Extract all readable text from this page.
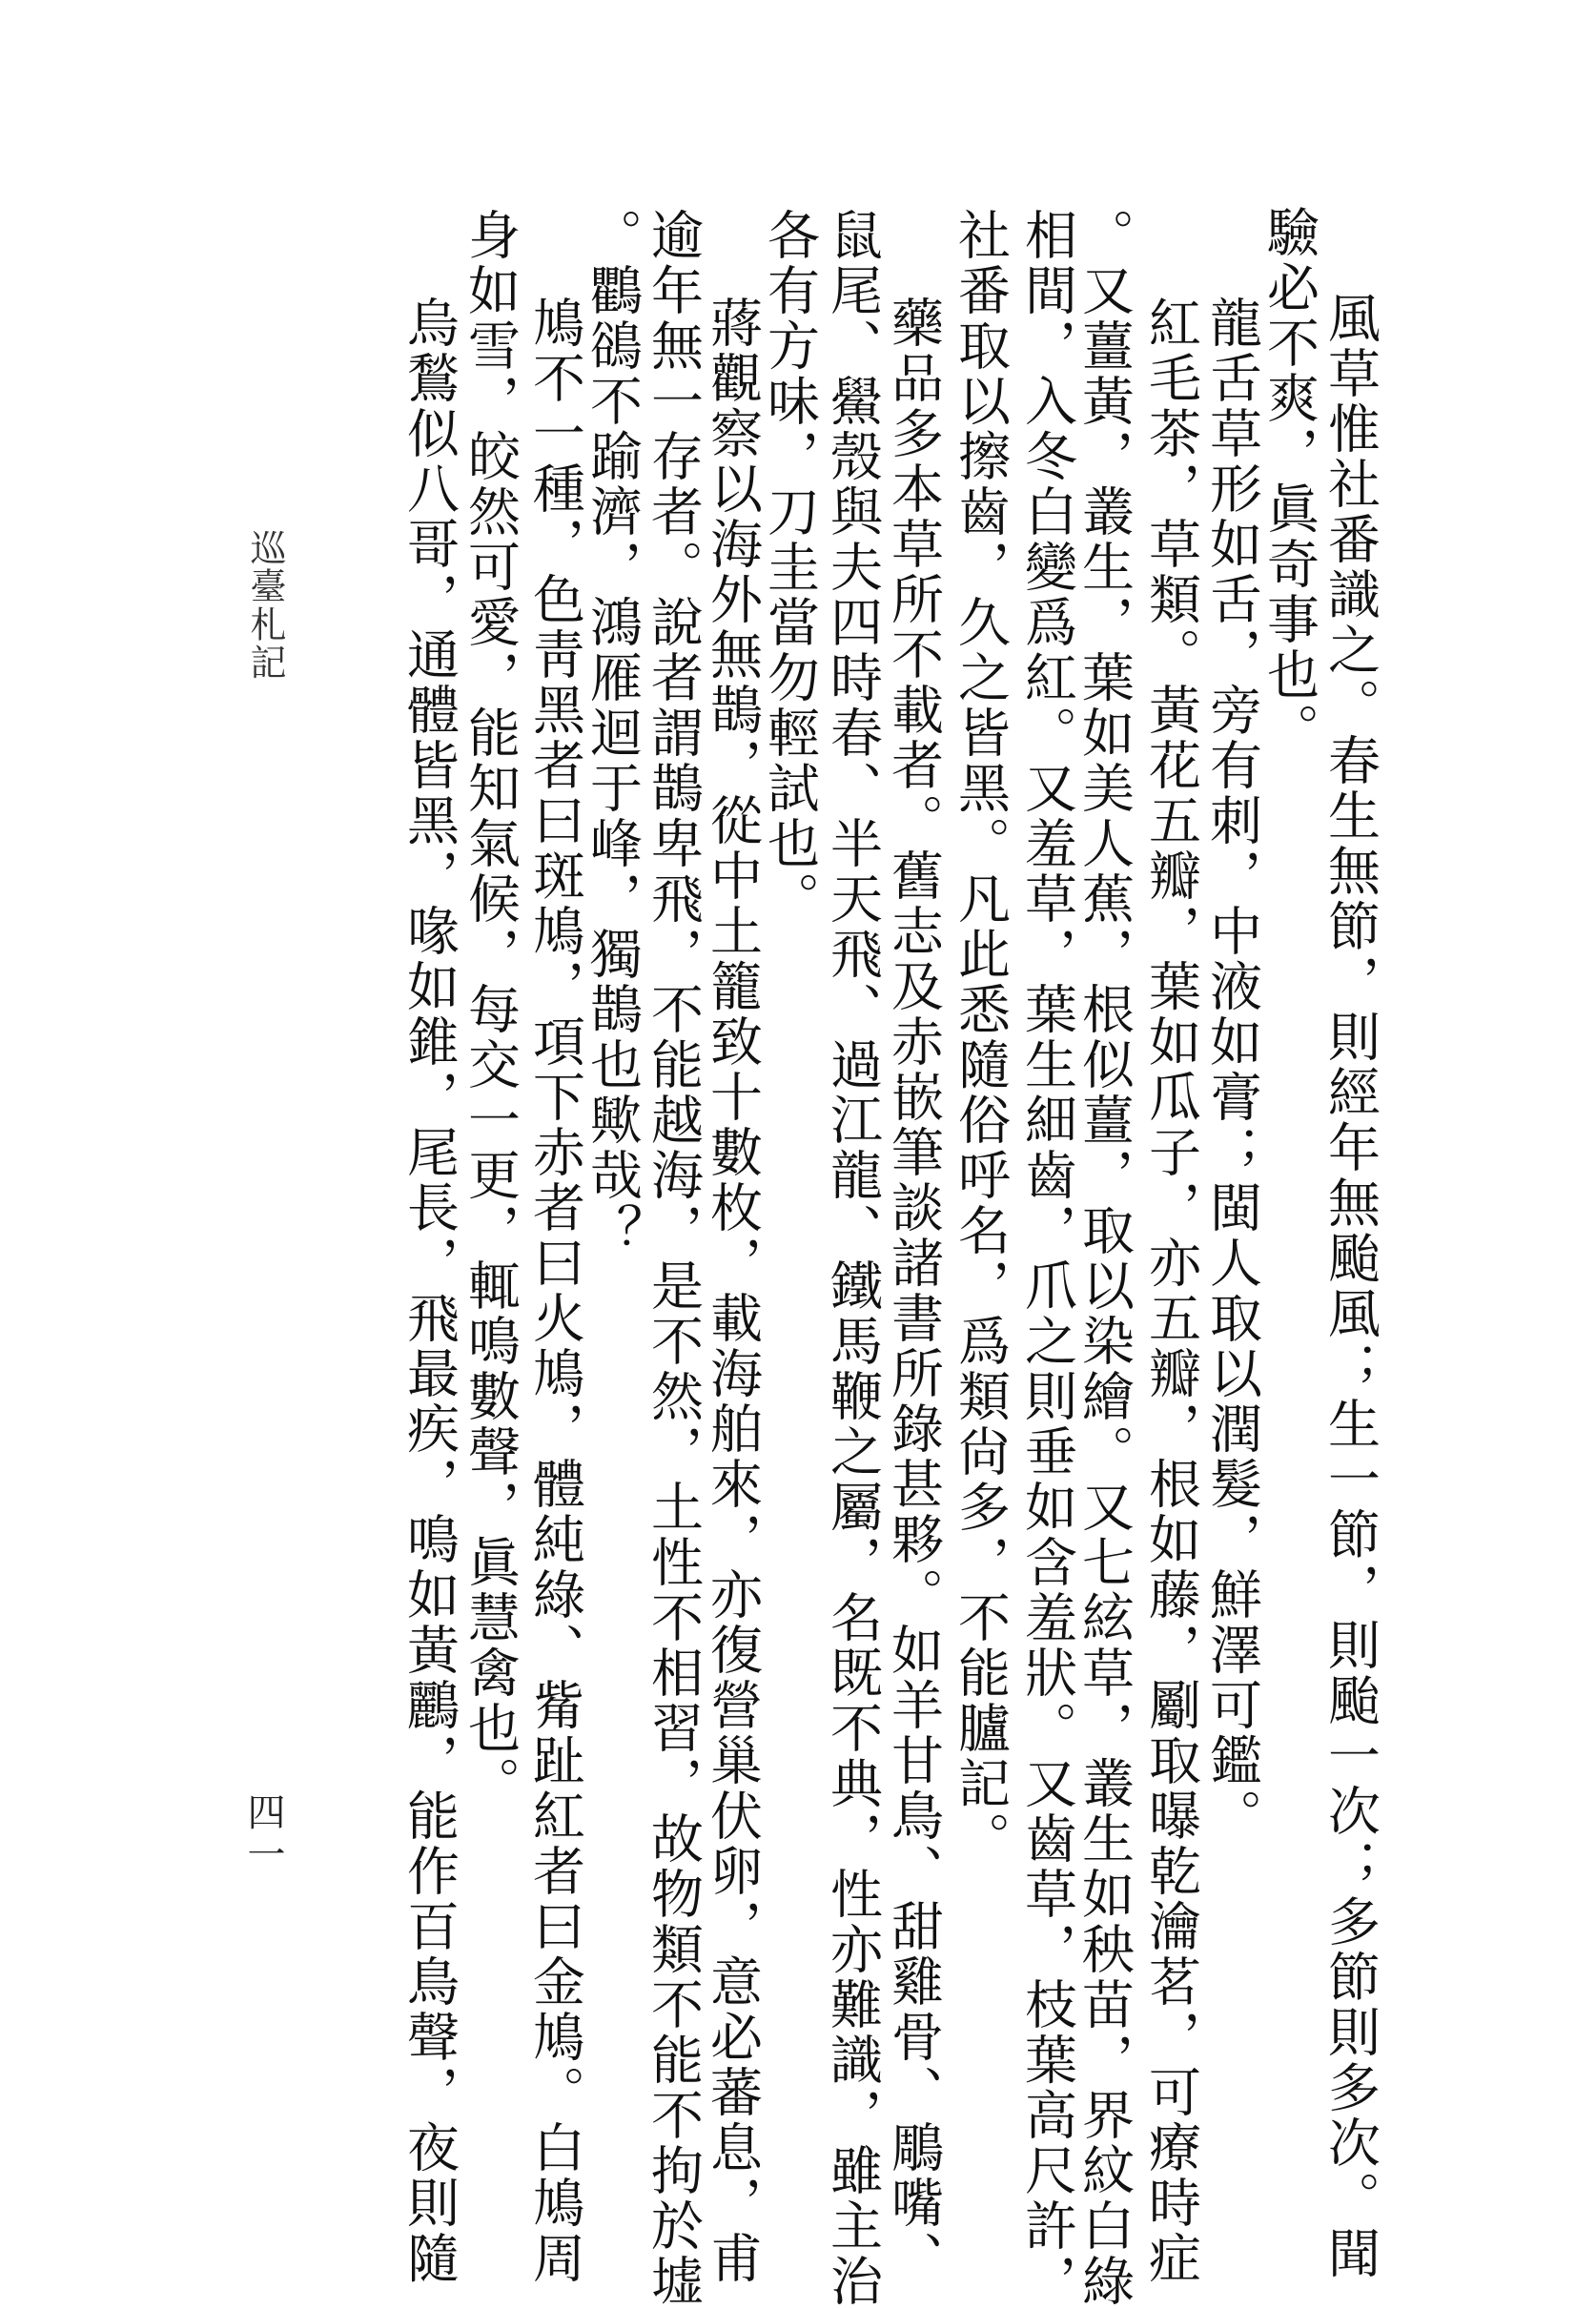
風草惟社番識之。春生無節，則經年無颱風；生一節，則颱一次；多節則多次。聞
驗必不爽，眞奇事也。
龍舌草形如舌，旁有刺，中液如膏；閩人取以潤髮，鮮澤可鑑。
紅毛茶，草類。黃花五瓣，葉如瓜子，亦五瓣，根如藤，劚取曝乾瀹茗，可療時症
。又薑黃，叢生，葉如美人蕉，根似薑，取以染繪。又七絃草，叢生如秧苗，界紋白綠
相間，入冬白變爲紅。又羞草，葉生細齒，爪之則垂如含羞狀。又齒草，枝葉高尺許，
社番取以擦齒，久之皆黑。凡此悉隨俗呼名，爲類尙多，不能臚記。
藥品多本草所不載者。舊志及赤嵌筆談諸書所錄甚夥。如羊甘鳥、甜雞骨、鵰嘴、
鼠尾、鱟殼與夫四時春、半天飛、過江龍、鐵馬鞭之屬，名既不典，性亦難識，雖主治
各有方味，刀圭當勿輕試也。
蔣觀察以海外無鵲，從中土籠致十數枚，載海舶來，亦復營巢伏卵，意必蕃息，甫
逾年無一存者。說者謂鵲卑飛，不能越海，是不然，土性不相習，故物類不能不拘於墟
。鸜鵒不踰濟，鴻雁迴于峰，獨鵲也歟哉？
鳩不一種，色靑黑者曰斑鳩，項下赤者曰火鳩，體純綠、觜趾紅者曰金鳩。白鳩周
身如雪，皎然可愛，能知氣候，每交一更，輒鳴數聲，眞慧禽也。
烏鶖似八哥，通體皆黑，喙如錐，尾長，飛最疾，鳴如黃鸝，能作百鳥聲，夜則隨
巡臺札記
四一
